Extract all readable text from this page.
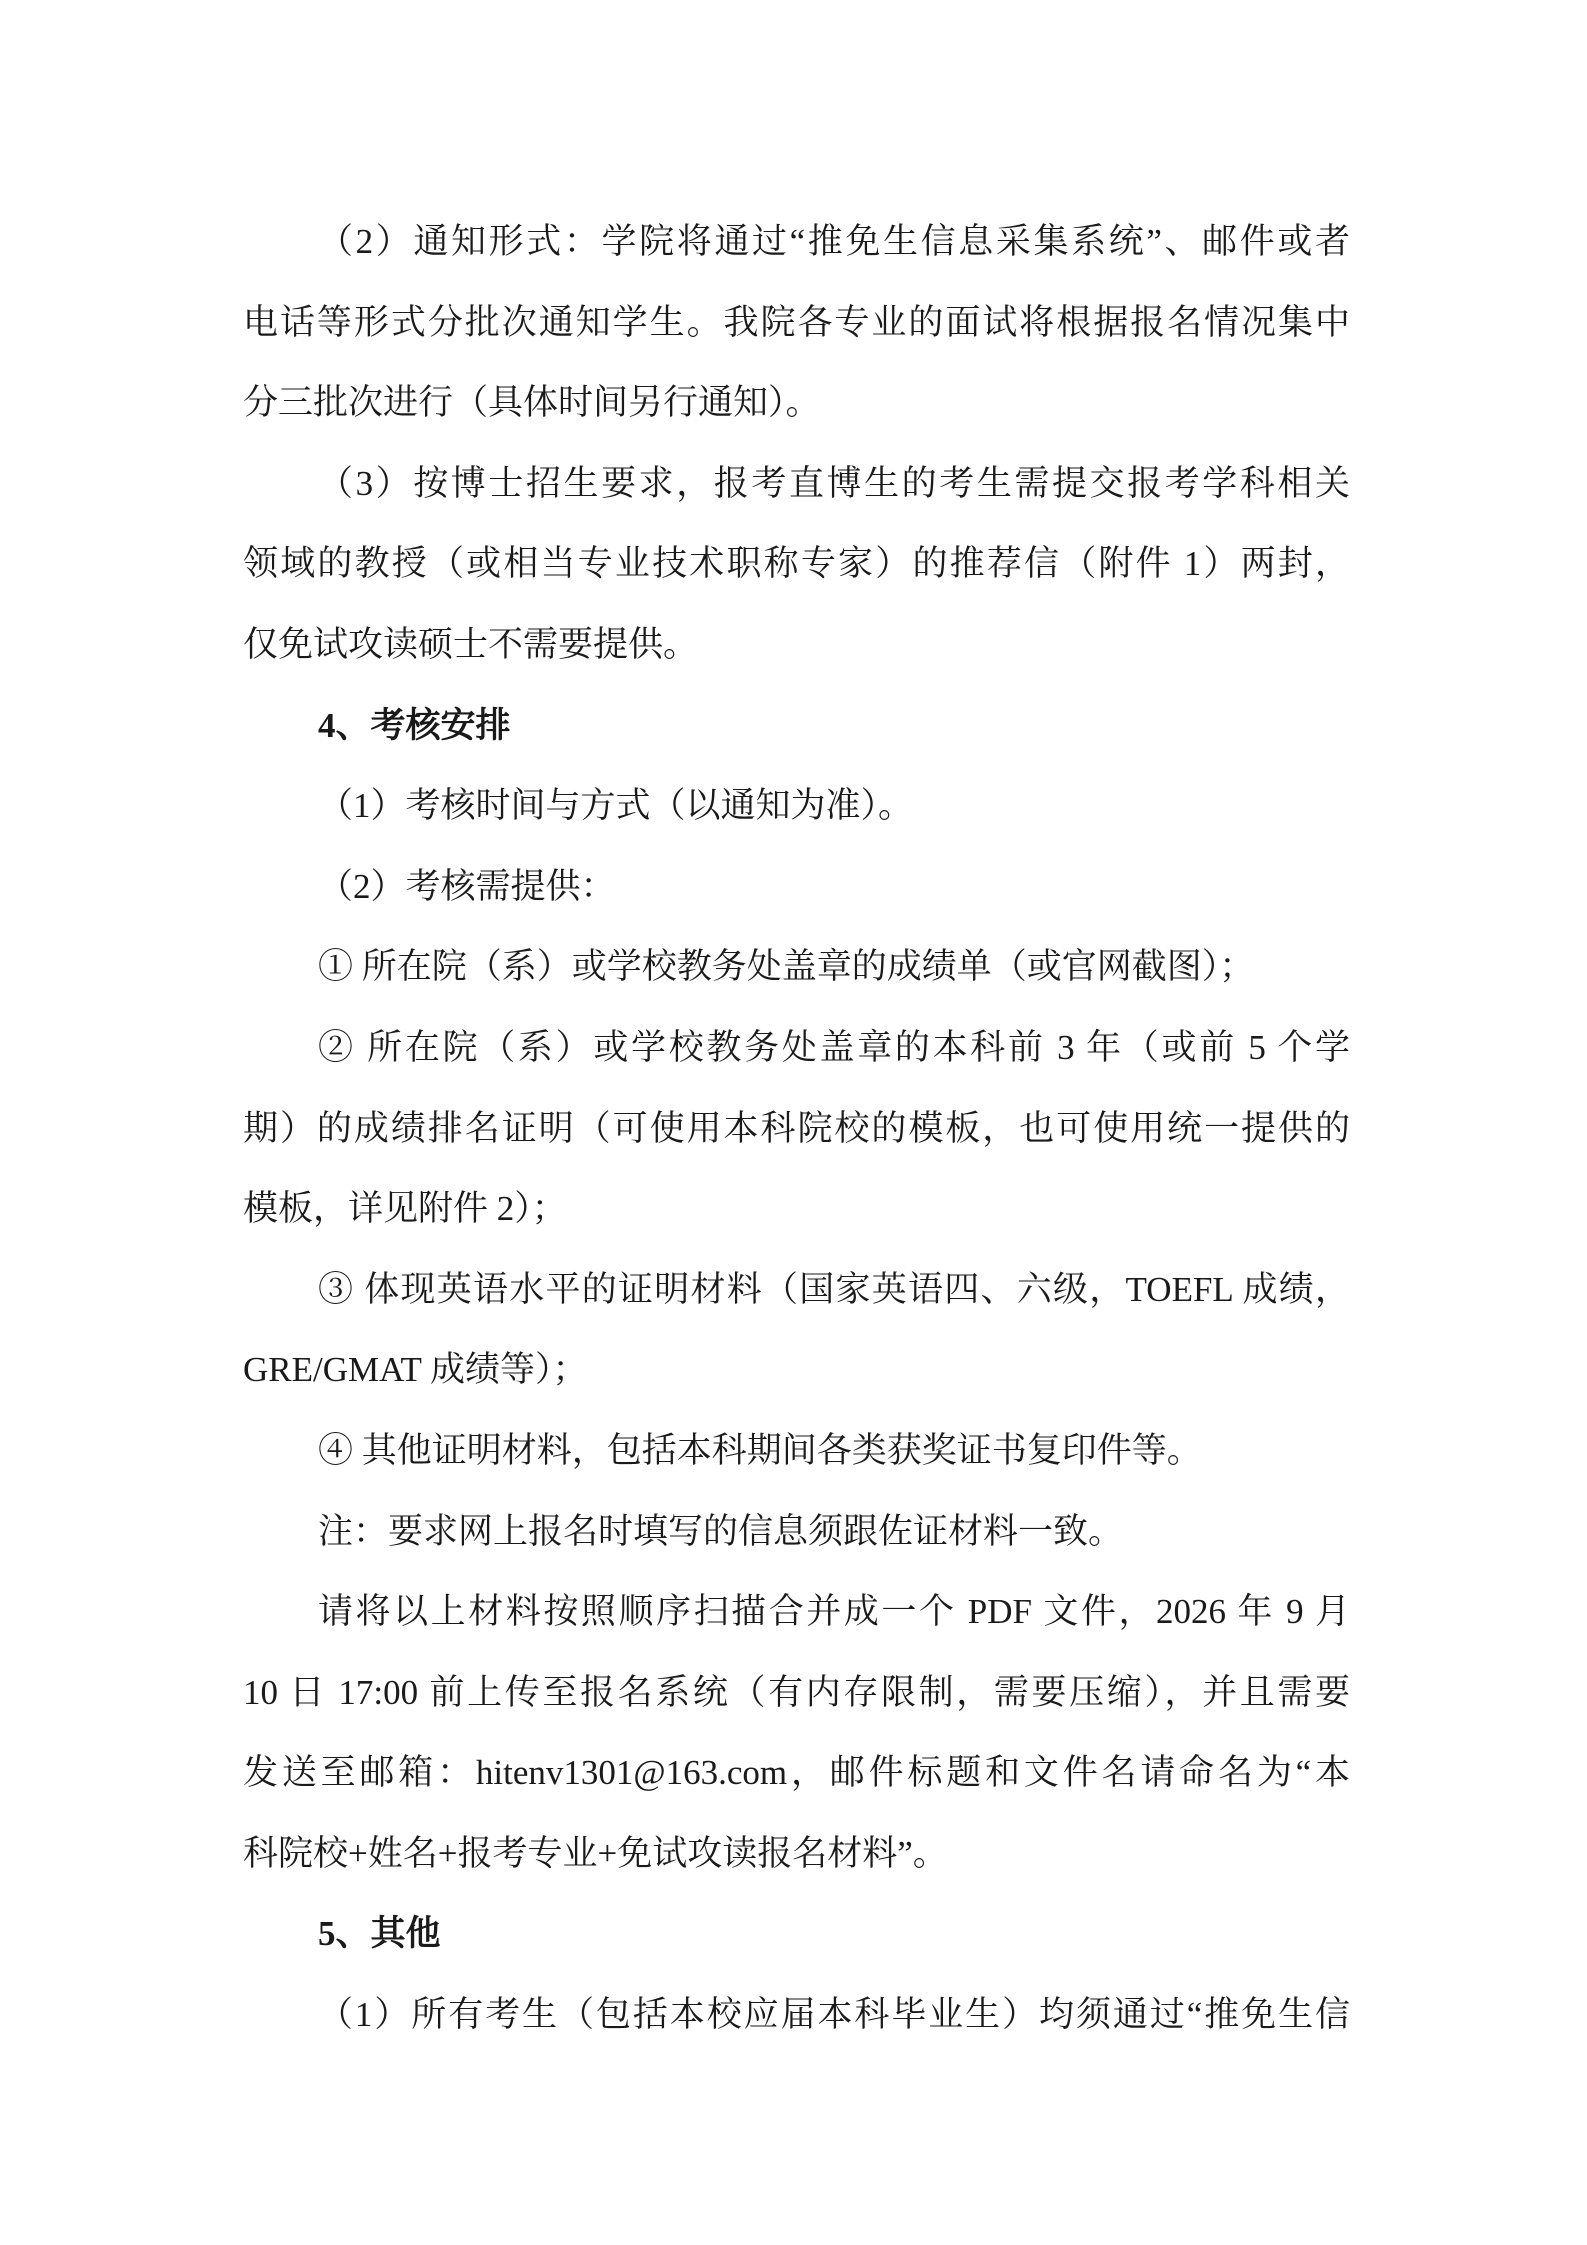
（2）通知形式：学院将通过“推免生信息采集系统”、邮件或者
电话等形式分批次通知学生。我院各专业的面试将根据报名情况集中
分三批次进行（具体时间另行通知）。
（3）按博士招生要求，报考直博生的考生需提交报考学科相关
领域的教授（或相当专业技术职称专家）的推荐信（附件 1）两封，
仅免试攻读硕士不需要提供。
4、考核安排
（1）考核时间与方式（以通知为准）。
（2）考核需提供：
① 所在院（系）或学校教务处盖章的成绩单（或官网截图）；
② 所在院（系）或学校教务处盖章的本科前 3 年（或前 5 个学
期）的成绩排名证明（可使用本科院校的模板，也可使用统一提供的
模板，详见附件 2）；
③ 体现英语水平的证明材料（国家英语四、六级，TOEFL 成绩，
GRE/GMAT 成绩等）；
④ 其他证明材料，包括本科期间各类获奖证书复印件等。
注：要求网上报名时填写的信息须跟佐证材料一致。
请将以上材料按照顺序扫描合并成一个 PDF 文件，2026 年 9 月
10 日 17:00 前上传至报名系统（有内存限制，需要压缩），并且需要
发送至邮箱：hitenv1301@163.com，邮件标题和文件名请命名为“本
科院校+姓名+报考专业+免试攻读报名材料”。
5、其他
（1）所有考生（包括本校应届本科毕业生）均须通过“推免生信
